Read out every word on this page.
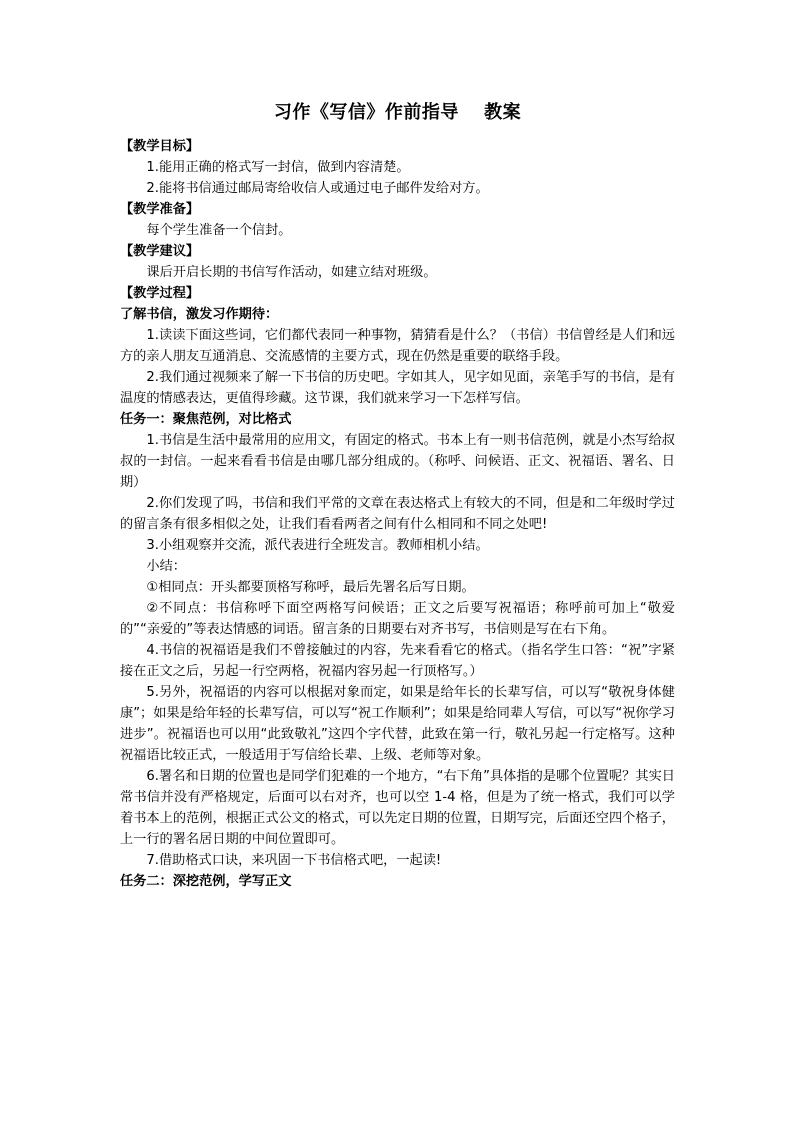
习作《写信》作前指导　 教案

【教学目标】

1.能用正确的格式写一封信，做到内容清楚。

2.能将书信通过邮局寄给收信人或通过电子邮件发给对方。

【教学准备】

每个学生准备一个信封。

【教学建议】

课后开启长期的书信写作活动，如建立结对班级。

【教学过程】

了解书信，激发习作期待：

1.读读下面这些词，它们都代表同一种事物，猜猜看是什么？（书信）书信曾经是人们和远方的亲人朋友互通消息、交流感情的主要方式，现在仍然是重要的联络手段。

2.我们通过视频来了解一下书信的历史吧。字如其人，见字如见面，亲笔手写的书信，是有温度的情感表达，更值得珍藏。这节课，我们就来学习一下怎样写信。

任务一：聚焦范例，对比格式

1.书信是生活中最常用的应用文，有固定的格式。书本上有一则书信范例，就是小杰写给叔叔的一封信。一起来看看书信是由哪几部分组成的。（称呼、问候语、正文、祝福语、署名、日期）

2.你们发现了吗，书信和我们平常的文章在表达格式上有较大的不同，但是和二年级时学过的留言条有很多相似之处，让我们看看两者之间有什么相同和不同之处吧!

3.小组观察并交流，派代表进行全班发言。教师相机小结。

小结：

①相同点：开头都要顶格写称呼，最后先署名后写日期。

②不同点：书信称呼下面空两格写问候语；正文之后要写祝福语；称呼前可加上“敬爱的”“亲爱的”等表达情感的词语。留言条的日期要右对齐书写，书信则是写在右下角。

4.书信的祝福语是我们不曾接触过的内容，先来看看它的格式。（指名学生口答：“祝”字紧接在正文之后，另起一行空两格，祝福内容另起一行顶格写。）

5.另外，祝福语的内容可以根据对象而定，如果是给年长的长辈写信，可以写“敬祝身体健康”；如果是给年轻的长辈写信，可以写“祝工作顺利”；如果是给同辈人写信，可以写“祝你学习进步”。祝福语也可以用“此致敬礼”这四个字代替，此致在第一行，敬礼另起一行定格写。这种祝福语比较正式，一般适用于写信给长辈、上级、老师等对象。

6.署名和日期的位置也是同学们犯难的一个地方，“右下角”具体指的是哪个位置呢？其实日常书信并没有严格规定，后面可以右对齐，也可以空 1-4 格，但是为了统一格式，我们可以学着书本上的范例，根据正式公文的格式，可以先定日期的位置，日期写完，后面还空四个格子，上一行的署名居日期的中间位置即可。

7.借助格式口诀，来巩固一下书信格式吧，一起读!

任务二：深挖范例，学写正文
